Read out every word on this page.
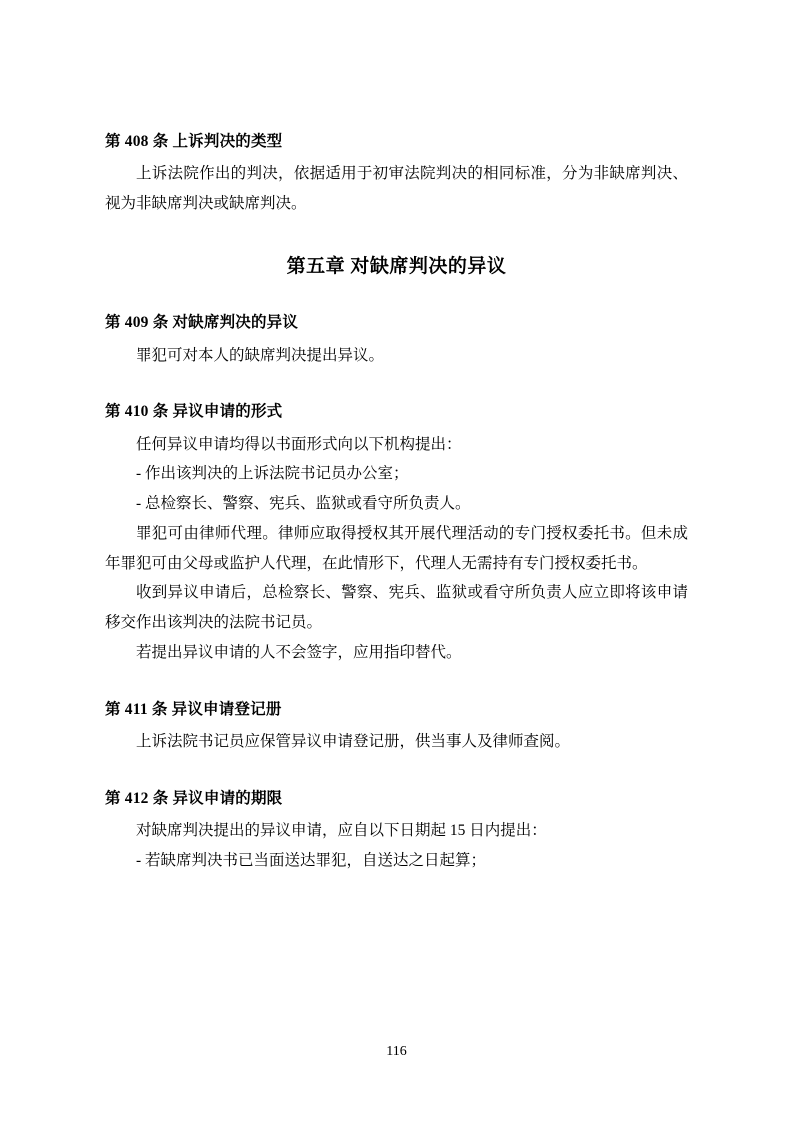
第 408 条 上诉判决的类型

上诉法院作出的判决，依据适用于初审法院判决的相同标准，分为非缺席判决、视为非缺席判决或缺席判决。

第五章 对缺席判决的异议
第 409 条 对缺席判决的异议

罪犯可对本人的缺席判决提出异议。

第 410 条 异议申请的形式

任何异议申请均得以书面形式向以下机构提出：

- 作出该判决的上诉法院书记员办公室；

- 总检察长、警察、宪兵、监狱或看守所负责人。

罪犯可由律师代理。律师应取得授权其开展代理活动的专门授权委托书。但未成年罪犯可由父母或监护人代理，在此情形下，代理人无需持有专门授权委托书。

收到异议申请后，总检察长、警察、宪兵、监狱或看守所负责人应立即将该申请移交作出该判决的法院书记员。

若提出异议申请的人不会签字，应用指印替代。

第 411 条 异议申请登记册

上诉法院书记员应保管异议申请登记册，供当事人及律师查阅。

第 412 条 异议申请的期限

对缺席判决提出的异议申请，应自以下日期起 15 日内提出：

- 若缺席判决书已当面送达罪犯，自送达之日起算；

116
